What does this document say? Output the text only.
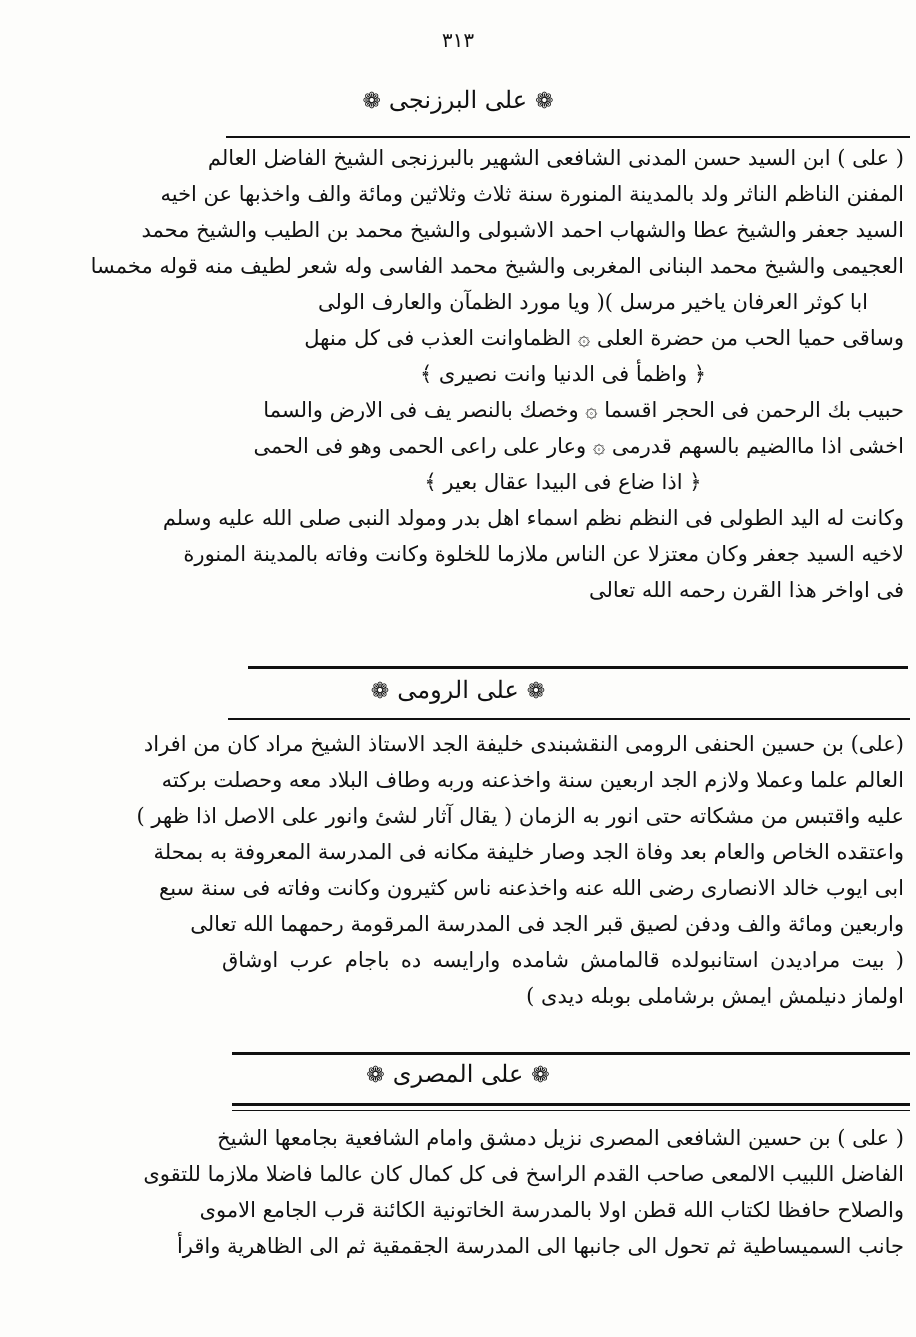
٣١٣
❁على البرزنجى❁
( على ) ابن السيد حسن المدنى الشافعى الشهير بالبرزنجى الشيخ الفاضل العالم
المفنن الناظم الناثر ولد بالمدينة المنورة سنة ثلاث وثلاثين ومائة والف واخذبها عن اخيه
السيد جعفر والشيخ عطا والشهاب احمد الاشبولى والشيخ محمد بن الطيب والشيخ محمد
العجيمى والشيخ محمد البنانى المغربى والشيخ محمد الفاسى وله شعر لطيف منه قوله مخمسا
ابا كوثر العرفان ياخير مرسل )( ويا مورد الظمآن والعارف الولى
وساقى حميا الحب من حضرة العلى ۞ الظماوانت العذب فى كل منهل
﴿ واظمأ فى الدنيا وانت نصيرى ﴾
حبيب بك الرحمن فى الحجر اقسما ۞ وخصك بالنصر يف فى الارض والسما
اخشى اذا ماالضيم بالسهم قدرمى ۞ وعار على راعى الحمى وهو فى الحمى
﴿ اذا ضاع فى البيدا عقال بعير ﴾
وكانت له اليد الطولى فى النظم نظم اسماء اهل بدر ومولد النبى صلى الله عليه وسلم
لاخيه السيد جعفر وكان معتزلا عن الناس ملازما للخلوة وكانت وفاته بالمدينة المنورة
فى اواخر هذا القرن رحمه الله تعالى
❁على الرومى❁
(على) بن حسين الحنفى الرومى النقشبندى خليفة الجد الاستاذ الشيخ مراد كان من افراد
العالم علما وعملا ولازم الجد اربعين سنة واخذعنه وربه وطاف البلاد معه وحصلت بركته
عليه واقتبس من مشكاته حتى انور به الزمان ( يقال آثار لشئ وانور على الاصل اذا ظهر )
واعتقده الخاص والعام بعد وفاة الجد وصار خليفة مكانه فى المدرسة المعروفة به بمحلة
ابى ايوب خالد الانصارى رضى الله عنه واخذعنه ناس كثيرون وكانت وفاته فى سنة سبع
واربعين ومائة والف ودفن لصيق قبر الجد فى المدرسة المرقومة رحمهما الله تعالى
( بيت مراديدن استانبولده قالمامش شامده وارايسه ده باجام عرب اوشاق
اولماز دنيلمش ايمش برشاملى بوبله ديدى )
❁على المصرى❁
( على ) بن حسين الشافعى المصرى نزيل دمشق وامام الشافعية بجامعها الشيخ
الفاضل اللبيب الالمعى صاحب القدم الراسخ فى كل كمال كان عالما فاضلا ملازما للتقوى
والصلاح حافظا لكتاب الله قطن اولا بالمدرسة الخاتونية الكائنة قرب الجامع الاموى
جانب السميساطية ثم تحول الى جانبها الى المدرسة الجقمقية ثم الى الظاهرية واقرأ
